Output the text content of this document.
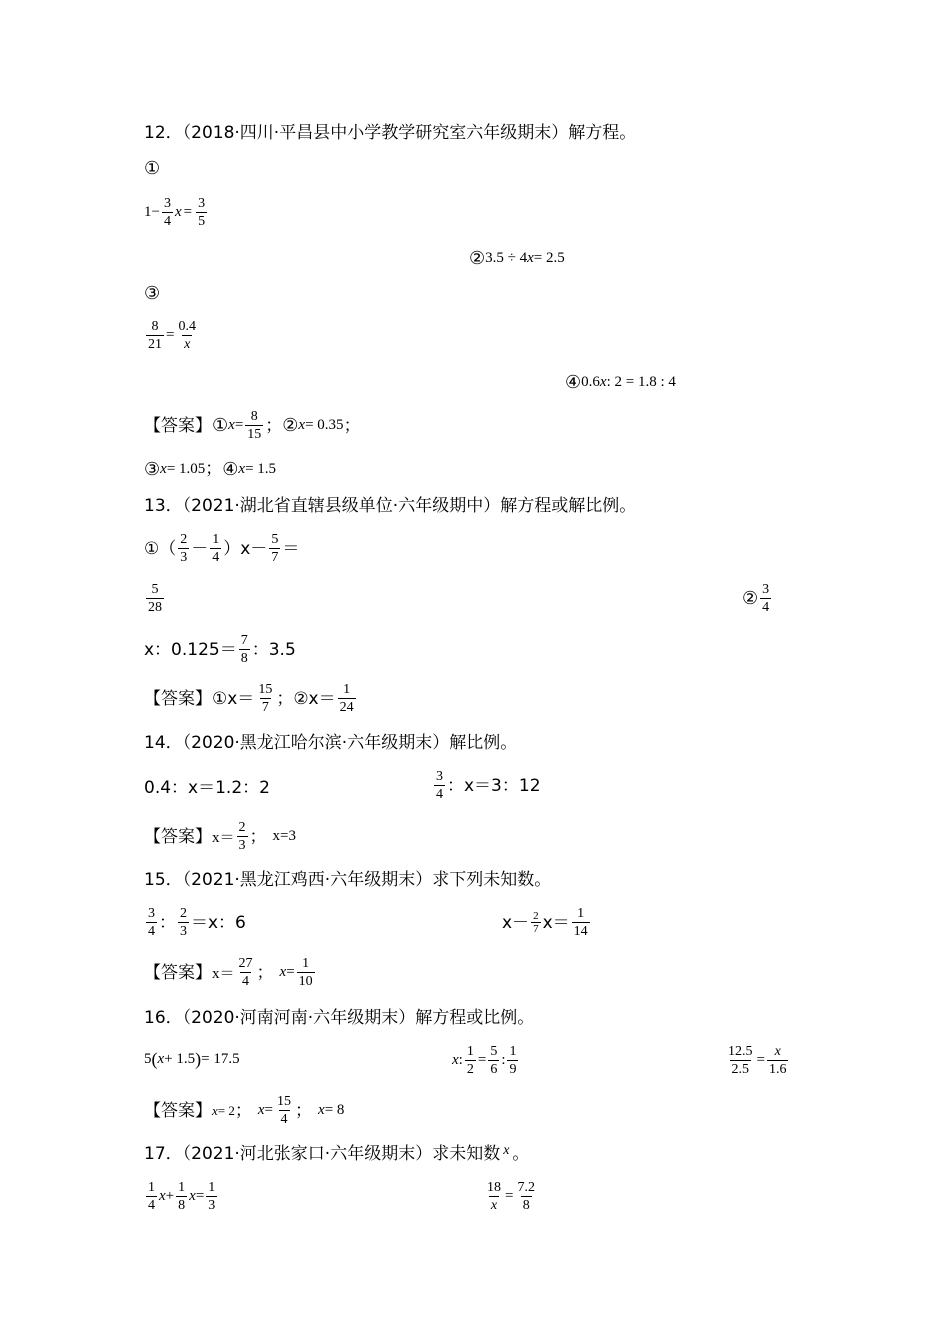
12．（2018·四川·平昌县中小学教学研究室六年级期末）解方程。
①
$1 - \frac{3}{4}$ $x = \frac{3}{5}$
② 3.5 ÷ 4 x = 2.5
③
$\frac{8}{21} = \frac{0.4}{x}$
④ 0.6 x : 2 = 1.8 : 4
【答案】 ① $x = \frac{8}{15}$ ； ② x = 0.35 ；
③ x = 1.05 ； ④ x = 1.5
13．（2021·湖北省直辖县级单位·六年级期中）解方程或解比例。
①（ $\frac{2}{3} - \frac{1}{4} )x- \frac{5}{7}$ ＝
$\frac{5}{28}$	② $\frac{3}{4}$
x：$0.125= \frac{7}{8}$ ：3.5
【答案】 ①x＝ $\frac{15}{7}$ ； ②x＝ $\frac{1}{24}$
14．（2020·黑龙江哈尔滨·六年级期末）解比例。
0.4：x＝1.2：2	$\frac{3}{4}$ ：x＝3：12
【答案】 $x= \frac{2}{3}$ ； x=3
15．（2021·黑龙江鸡西·六年级期末）求下列未知数。
$\frac{3}{4}$ ： $\frac{2}{3} =x$：6	$x- \frac{2}{7} x= \frac{1}{14}$
【答案】 $x= \frac{27}{4}$ ； $x = \frac{1}{10}$
16．（2020·河南河南·六年级期末）解方程或比例。
5 ( x + 1.5 ) = 17.5	x : $\frac{1}{2} = \frac{5}{6}$ : $\frac{1}{9}$	$\frac{12.5}{2.5} = \frac{x}{1.6}$
【答案】 x = 2 ； $x = \frac{15}{4}$ ； x = 8
17．（2021·河北张家口·六年级期末）求未知数 x 。
$\frac{1}{4}$ $x + \frac{1}{8}$ $x = \frac{1}{3}$	$\frac{18}{x} = \frac{7.2}{8}$
